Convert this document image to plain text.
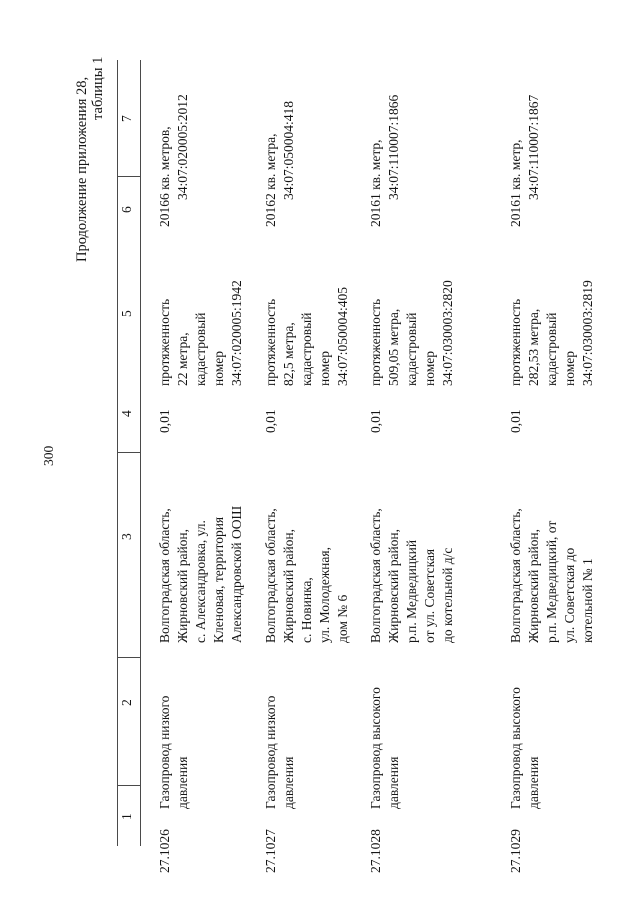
300
Продолжение приложения 28, таблицы 1
1
2
3
4
5
6
7
27.1026
Газопровод низкого давления
Волгоградская область, Жирновский район, с. Александровка, ул. Кленовая, территория Александровской ООШ
0,01
протяженность 22 метра, кадастровый номер 34:07:020005:1942
2016
6 кв. метров, 34:07:020005:2012
27.1027
Газопровод низкого давления
Волгоградская область, Жирновский район, с. Новинка, ул. Молодежная, дом № 6
0,01
протяженность 82,5 метра, кадастровый номер 34:07:050004:405
2016
2 кв. метра, 34:07:050004:418
27.1028
Газопровод высокого давления
Волгоградская область, Жирновский район, р.п. Медведицкий от ул. Советская до котельной д/с
0,01
протяженность 509,05 метра, кадастровый номер 34:07:030003:2820
2016
1 кв. метр, 34:07:110007:1866
27.1029
Газопровод высокого давления
Волгоградская область, Жирновский район, р.п. Медведицкий, от ул. Советская до котельной № 1
0,01
протяженность 282,53 метра, кадастровый номер 34:07:030003:2819
2016
1 кв. метр, 34:07:110007:1867
